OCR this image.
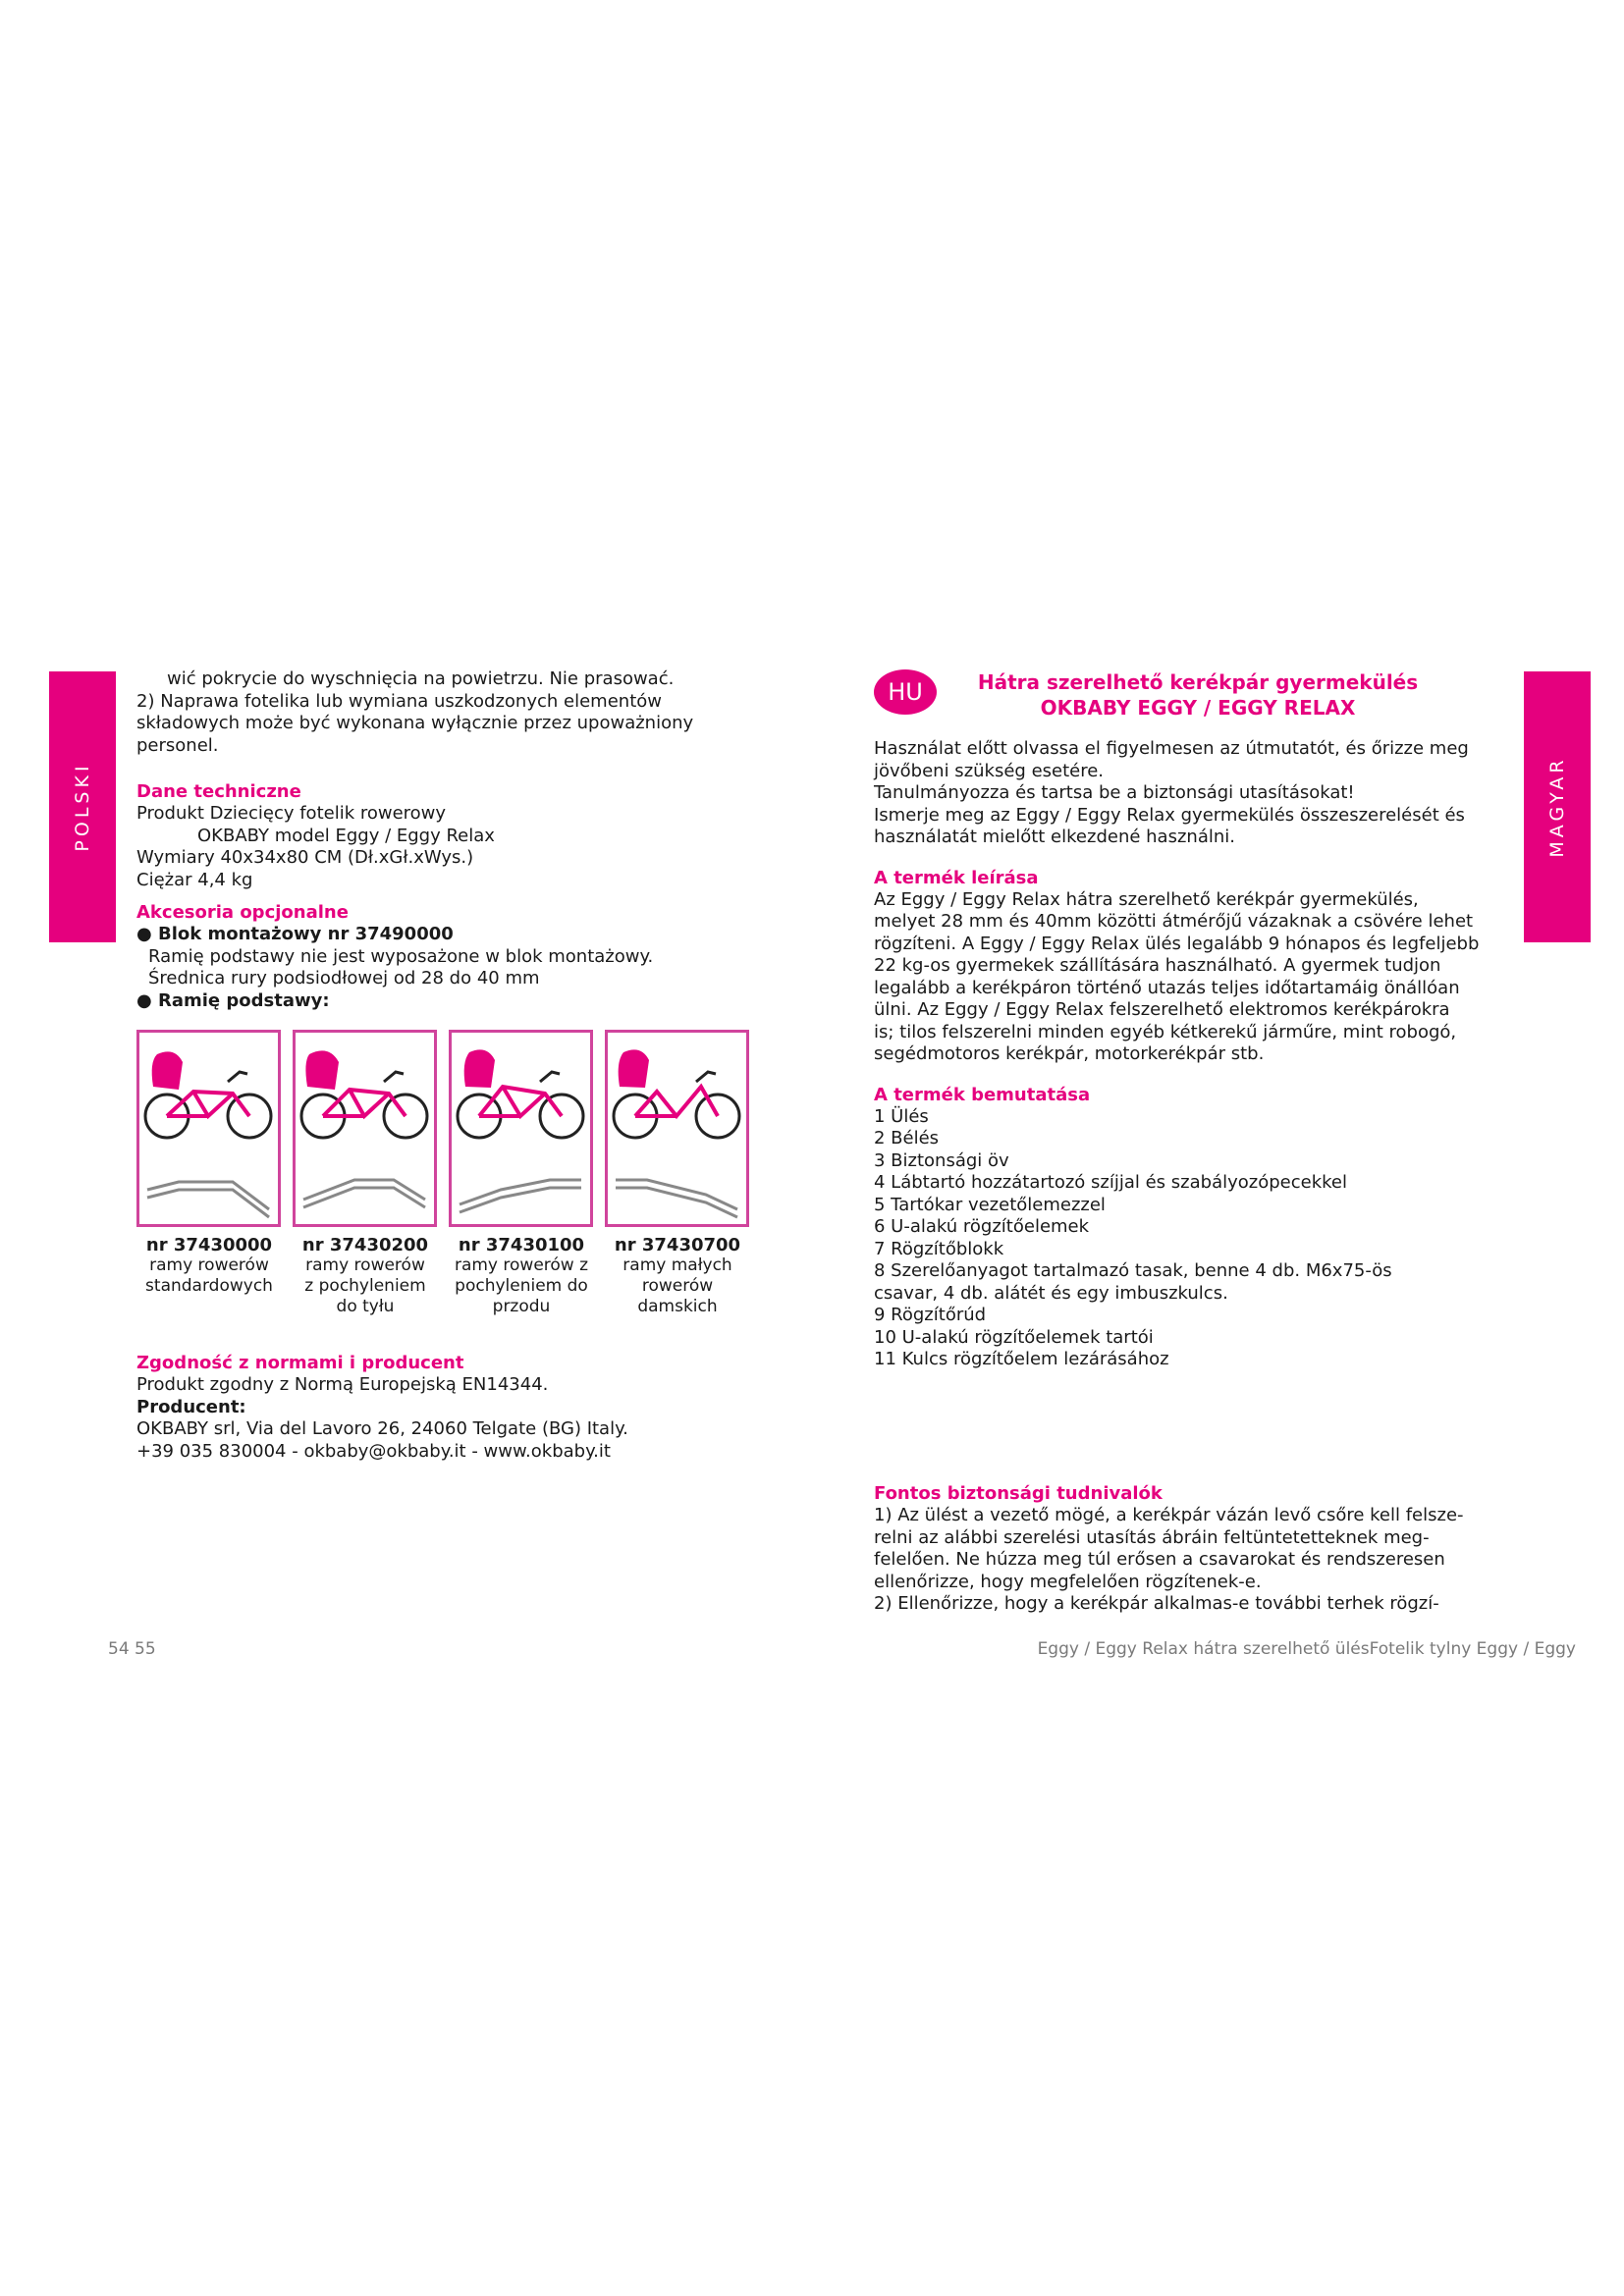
POLSKI	MAGYAR

wić pokrycie do wyschnięcia na powietrzu. Nie prasować.

2) Naprawa fotelika lub wymiana uszkodzonych elementów

składowych może być wykonana wyłącznie przez upoważniony

personel.

Dane techniczne

Produkt Dziecięcy fotelik rowerowy

OKBABY model Eggy / Eggy Relax

Wymiary 40x34x80 CM (Dł.xGł.xWys.)

Ciężar 4,4 kg

Akcesoria opcjonalne

● Blok montażowy nr 37490000

Ramię podstawy nie jest wyposażone w blok montażowy.

Średnica rury podsiodłowej od 28 do 40 mm

● Ramię podstawy:

nr 37430000
ramy rowerów
standardowych
nr 37430200
ramy rowerów
z pochyleniem
do tyłu
nr 37430100
ramy rowerów z
pochyleniem do
przodu
nr 37430700
ramy małych
rowerów
damskich

Zgodność z normami i producent

Produkt zgodny z Normą Europejską EN14344.

Producent:

OKBABY srl, Via del Lavoro 26, 24060 Telgate (BG) Italy.

+39 035 830004 - okbaby@okbaby.it - www.okbaby.it

HU	Hátra szerelhető kerékpár gyermekülés
OKBABY EGGY / EGGY RELAX

Használat előtt olvassa el figyelmesen az útmutatót, és őrizze meg

jövőbeni szükség esetére.

Tanulmányozza és tartsa be a biztonsági utasításokat!

Ismerje meg az Eggy / Eggy Relax gyermekülés összeszerelését és

használatát mielőtt elkezdené használni.

A termék leírása

Az Eggy / Eggy Relax hátra szerelhető kerékpár gyermekülés,

melyet 28 mm és 40mm közötti átmérőjű vázaknak a csövére lehet

rögzíteni. A Eggy / Eggy Relax ülés legalább 9 hónapos és legfeljebb

22 kg-os gyermekek szállítására használható. A gyermek tudjon

legalább a kerékpáron történő utazás teljes időtartamáig önállóan

ülni. Az Eggy / Eggy Relax felszerelhető elektromos kerékpárokra

is; tilos felszerelni minden egyéb kétkerekű járműre, mint robogó,

segédmotoros kerékpár, motorkerékpár stb.

A termék bemutatása

1 Ülés

2 Bélés

3 Biztonsági öv

4 Lábtartó hozzátartozó szíjjal és szabályozópecekkel

5 Tartókar vezetőlemezzel

6 U-alakú rögzítőelemek

7 Rögzítőblokk

8 Szerelőanyagot tartalmazó tasak, benne 4 db. M6x75-ös

csavar, 4 db. alátét és egy imbuszkulcs.

9 Rögzítőrúd

10 U-alakú rögzítőelemek tartói

11 Kulcs rögzítőelem lezárásához

Fontos biztonsági tudnivalók

1) Az ülést a vezető mögé, a kerékpár vázán levő csőre kell felsze-

relni az alábbi szerelési utasítás ábráin feltüntetetteknek meg-

felelően. Ne húzza meg túl erősen a csavarokat és rendszeresen

ellenőrizze, hogy megfelelően rögzítenek-e.

2) Ellenőrizze, hogy a kerékpár alkalmas-e további terhek rögzí-

54 55	Eggy / Eggy Relax hátra szerelhető ülésFotelik tylny Eggy / Eggy
